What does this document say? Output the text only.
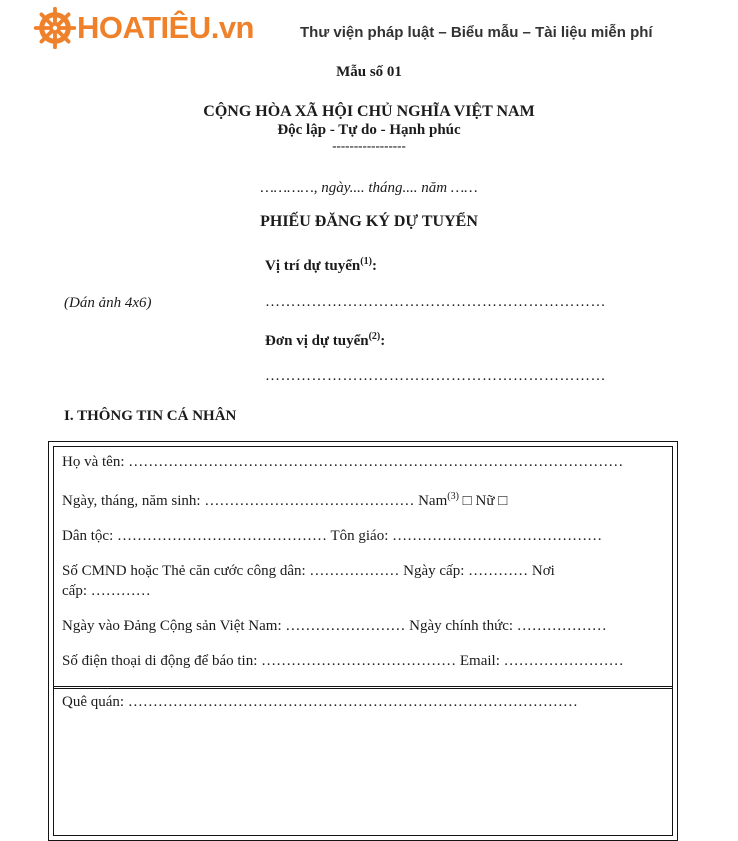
HOATIÊU.vn	Thư viện pháp luật – Biểu mẫu – Tài liệu miễn phí
Mẫu số 01
CỘNG HÒA XÃ HỘI CHỦ NGHĨA VIỆT NAM
Độc lập - Tự do - Hạnh phúc
-----------------
…………, ngày.... tháng.... năm ……
PHIẾU ĐĂNG KÝ DỰ TUYỂN
Vị trí dự tuyển$^{(1)}$:
(Dán ảnh 4x6)	…………………………………………………………
Đơn vị dự tuyển$^{(2)}$:
…………………………………………………………
I. THÔNG TIN CÁ NHÂN
Họ và tên: ………………………………………………………………………………………
Ngày, tháng, năm sinh: …………………………………… Nam$^{(3)}$ □ Nữ □
Dân tộc: …………………………………… Tôn giáo: ……………………………………
Số CMND hoặc Thẻ căn cước công dân: ……………… Ngày cấp: ………… Nơi
cấp: …………
Ngày vào Đảng Cộng sản Việt Nam: …………………… Ngày chính thức: ………………
Số điện thoại di động để báo tin: ………………………………… Email: ……………………
Quê quán: ………………………………………………………………………………
